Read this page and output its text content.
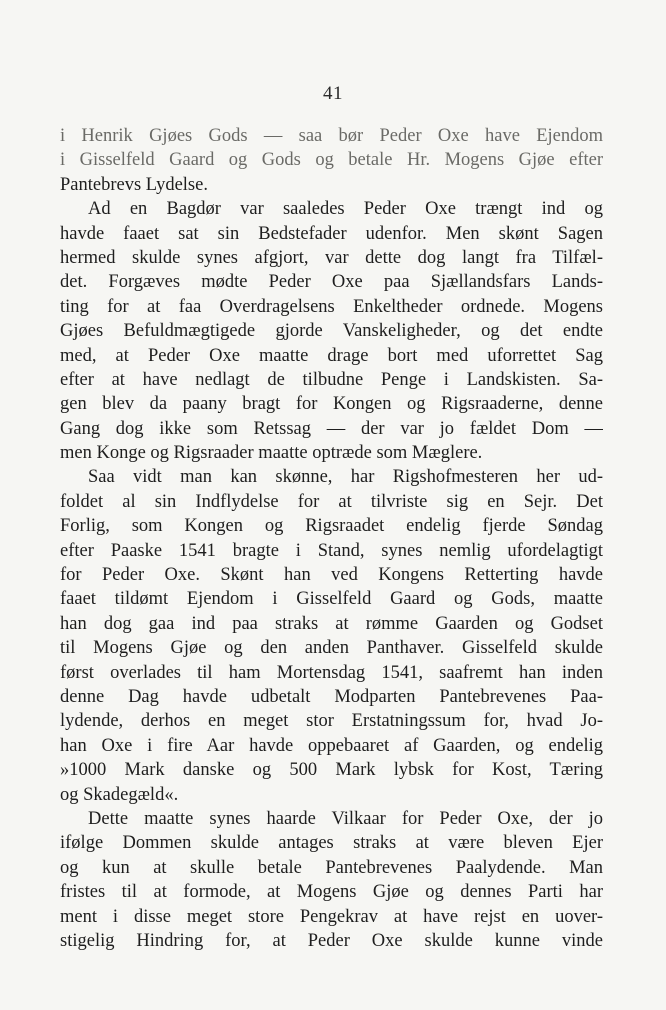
41
i Henrik Gjøes Gods — saa bør Peder Oxe have Ejendom
i Gisselfeld Gaard og Gods og betale Hr. Mogens Gjøe efter
Pantebrevs Lydelse.
Ad en Bagdør var saaledes Peder Oxe trængt ind og
havde faaet sat sin Bedstefader udenfor. Men skønt Sagen
hermed skulde synes afgjort, var dette dog langt fra Tilfæl-
det. Forgæves mødte Peder Oxe paa Sjællandsfars Lands-
ting for at faa Overdragelsens Enkeltheder ordnede. Mogens
Gjøes Befuldmægtigede gjorde Vanskeligheder, og det endte
med, at Peder Oxe maatte drage bort med uforrettet Sag
efter at have nedlagt de tilbudne Penge i Landskisten. Sa-
gen blev da paany bragt for Kongen og Rigsraaderne, denne
Gang dog ikke som Retssag — der var jo fældet Dom —
men Konge og Rigsraader maatte optræde som Mæglere.
Saa vidt man kan skønne, har Rigshofmesteren her ud-
foldet al sin Indflydelse for at tilvriste sig en Sejr. Det
Forlig, som Kongen og Rigsraadet endelig fjerde Søndag
efter Paaske 1541 bragte i Stand, synes nemlig ufordelagtigt
for Peder Oxe. Skønt han ved Kongens Retterting havde
faaet tildømt Ejendom i Gisselfeld Gaard og Gods, maatte
han dog gaa ind paa straks at rømme Gaarden og Godset
til Mogens Gjøe og den anden Panthaver. Gisselfeld skulde
først overlades til ham Mortensdag 1541, saafremt han inden
denne Dag havde udbetalt Modparten Pantebrevenes Paa-
lydende, derhos en meget stor Erstatningssum for, hvad Jo-
han Oxe i fire Aar havde oppebaaret af Gaarden, og endelig
»1000 Mark danske og 500 Mark lybsk for Kost, Tæring
og Skadegæld«.
Dette maatte synes haarde Vilkaar for Peder Oxe, der jo
ifølge Dommen skulde antages straks at være bleven Ejer
og kun at skulle betale Pantebrevenes Paalydende. Man
fristes til at formode, at Mogens Gjøe og dennes Parti har
ment i disse meget store Pengekrav at have rejst en uover-
stigelig Hindring for, at Peder Oxe skulde kunne vinde
